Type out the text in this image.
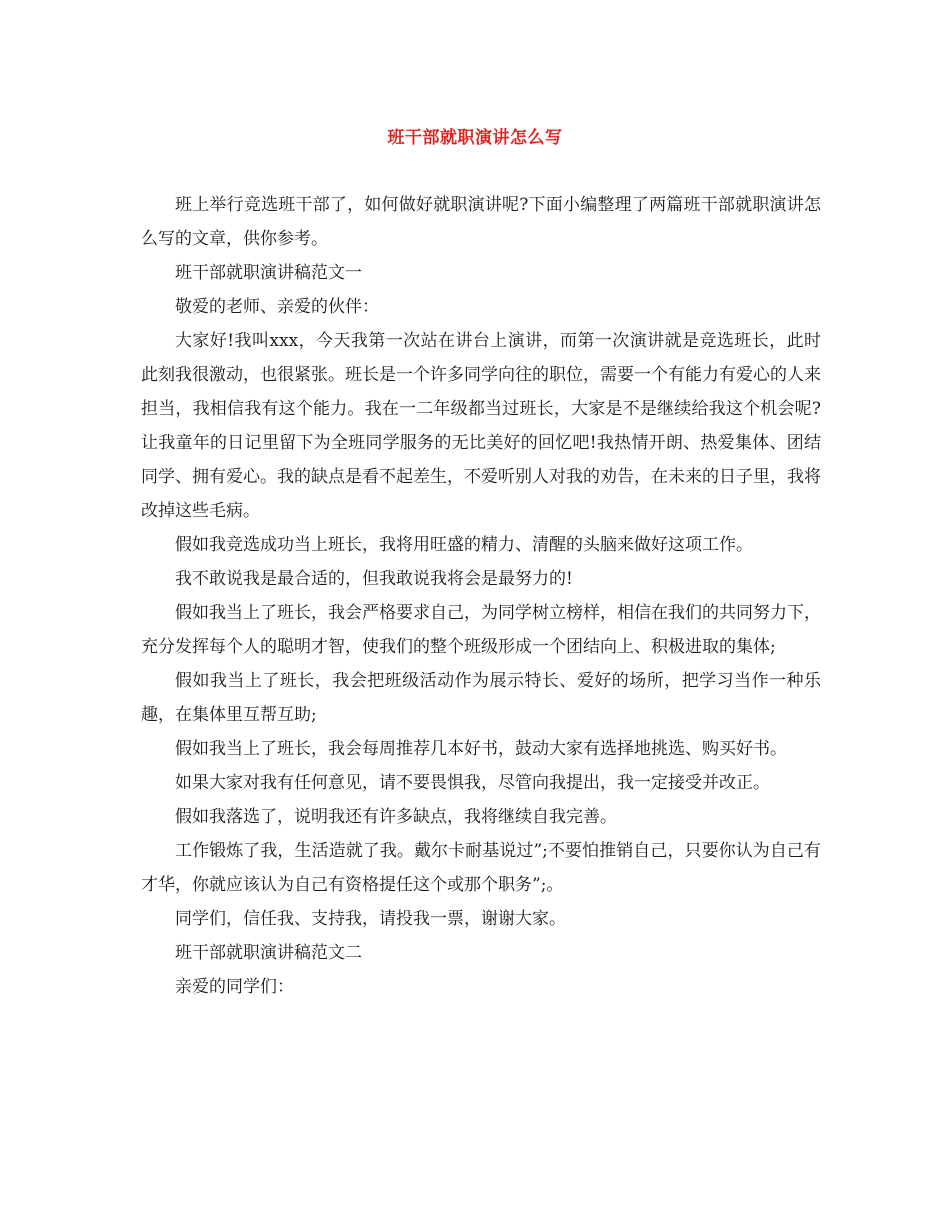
班干部就职演讲怎么写

班上举行竞选班干部了，如何做好就职演讲呢?下面小编整理了两篇班干部就职演讲怎么写的文章，供你参考。

班干部就职演讲稿范文一

敬爱的老师、亲爱的伙伴：

大家好!我叫xxx，今天我第一次站在讲台上演讲，而第一次演讲就是竞选班长，此时此刻我很激动，也很紧张。班长是一个许多同学向往的职位，需要一个有能力有爱心的人来担当，我相信我有这个能力。我在一二年级都当过班长，大家是不是继续给我这个机会呢?让我童年的日记里留下为全班同学服务的无比美好的回忆吧!我热情开朗、热爱集体、团结同学、拥有爱心。我的缺点是看不起差生，不爱听别人对我的劝告，在未来的日子里，我将改掉这些毛病。

假如我竞选成功当上班长，我将用旺盛的精力、清醒的头脑来做好这项工作。

我不敢说我是最合适的，但我敢说我将会是最努力的!

假如我当上了班长，我会严格要求自己，为同学树立榜样，相信在我们的共同努力下，充分发挥每个人的聪明才智，使我们的整个班级形成一个团结向上、积极进取的集体;

假如我当上了班长，我会把班级活动作为展示特长、爱好的场所，把学习当作一种乐趣，在集体里互帮互助;

假如我当上了班长，我会每周推荐几本好书，鼓动大家有选择地挑选、购买好书。

如果大家对我有任何意见，请不要畏惧我，尽管向我提出，我一定接受并改正。

假如我落选了，说明我还有许多缺点，我将继续自我完善。

工作锻炼了我，生活造就了我。戴尔卡耐基说过”;不要怕推销自己，只要你认为自己有才华，你就应该认为自己有资格提任这个或那个职务”;。

同学们，信任我、支持我，请投我一票，谢谢大家。

班干部就职演讲稿范文二

亲爱的同学们：
